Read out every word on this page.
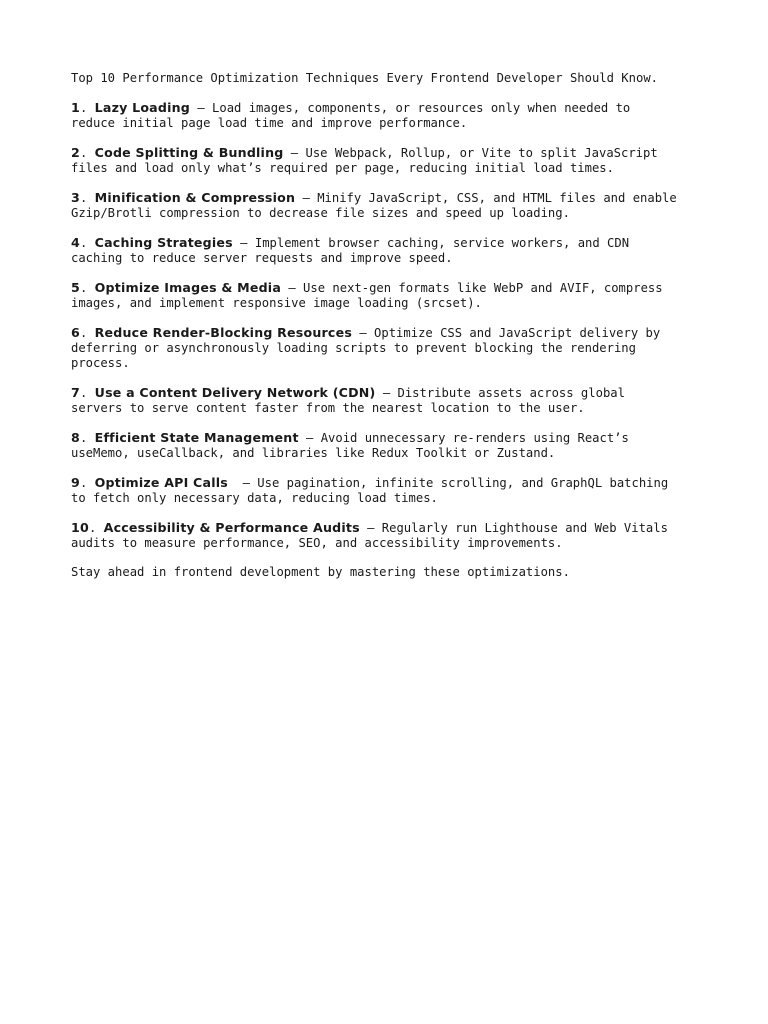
Top 10 Performance Optimization Techniques Every Frontend Developer Should Know.

1. Lazy Loading – Load images, components, or resources only when needed to
reduce initial page load time and improve performance.
2. Code Splitting & Bundling – Use Webpack, Rollup, or Vite to split JavaScript
files and load only what’s required per page, reducing initial load times.
3. Minification & Compression – Minify JavaScript, CSS, and HTML files and enable
Gzip/Brotli compression to decrease file sizes and speed up loading.
4. Caching Strategies – Implement browser caching, service workers, and CDN
caching to reduce server requests and improve speed.
5. Optimize Images & Media – Use next-gen formats like WebP and AVIF, compress
images, and implement responsive image loading (srcset).
6. Reduce Render-Blocking Resources – Optimize CSS and JavaScript delivery by
deferring or asynchronously loading scripts to prevent blocking the rendering
process.
7. Use a Content Delivery Network (CDN) – Distribute assets across global
servers to serve content faster from the nearest location to the user.
8. Efficient State Management – Avoid unnecessary re-renders using React’s
useMemo, useCallback, and libraries like Redux Toolkit or Zustand.
9. Optimize API Calls  – Use pagination, infinite scrolling, and GraphQL batching
to fetch only necessary data, reducing load times.
10. Accessibility & Performance Audits – Regularly run Lighthouse and Web Vitals
audits to measure performance, SEO, and accessibility improvements.

Stay ahead in frontend development by mastering these optimizations.
